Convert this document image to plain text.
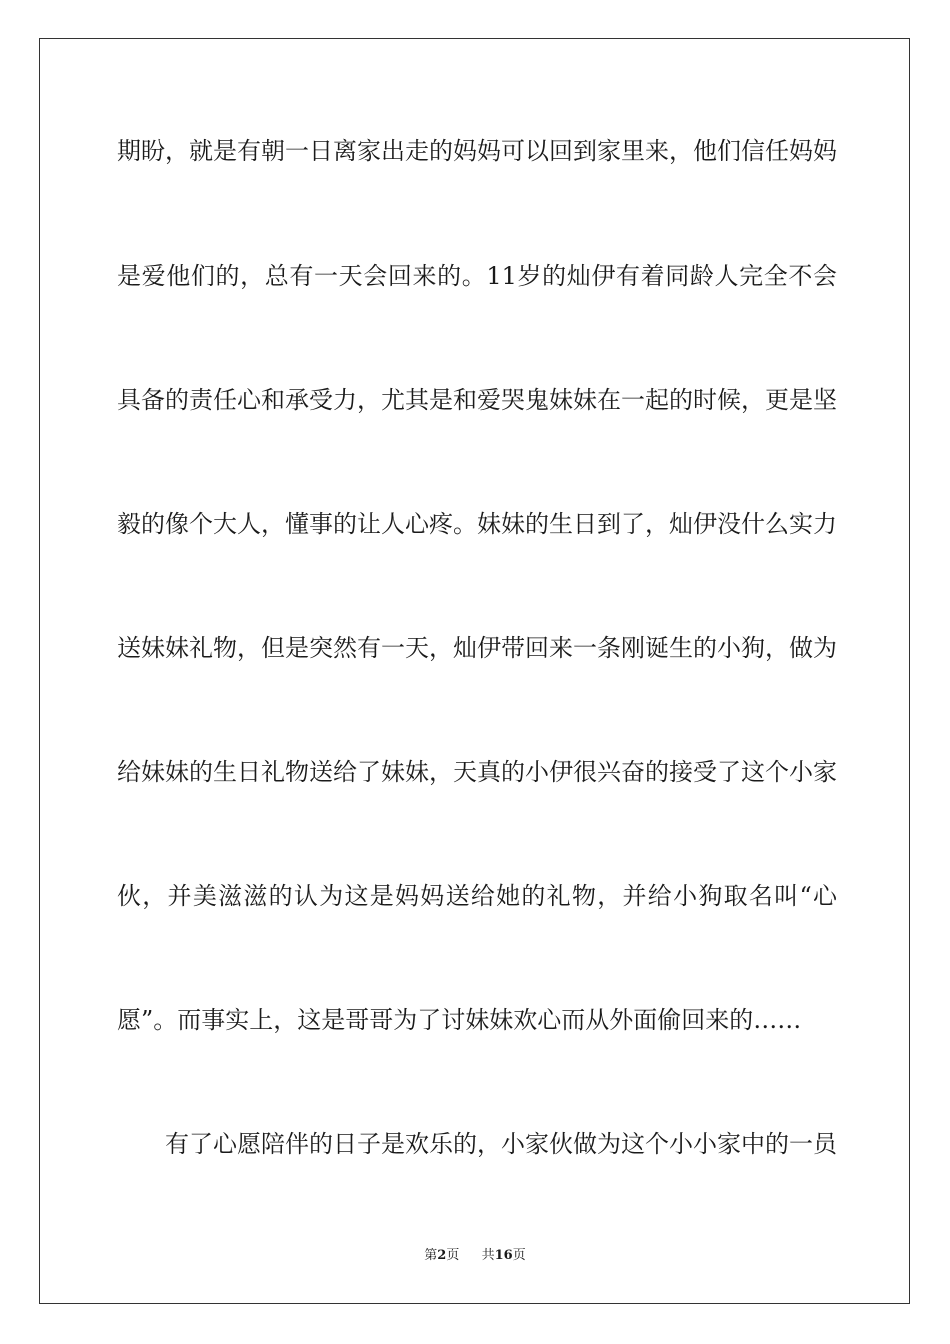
期盼，就是有朝一日离家出走的妈妈可以回到家里来，他们信任妈妈
是爱他们的，总有一天会回来的。11岁的灿伊有着同龄人完全不会
具备的责任心和承受力，尤其是和爱哭鬼妹妹在一起的时候，更是坚
毅的像个大人，懂事的让人心疼。妹妹的生日到了，灿伊没什么实力
送妹妹礼物，但是突然有一天，灿伊带回来一条刚诞生的小狗，做为
给妹妹的生日礼物送给了妹妹，天真的小伊很兴奋的接受了这个小家
伙，并美滋滋的认为这是妈妈送给她的礼物，并给小狗取名叫“心
愿”。而事实上，这是哥哥为了讨妹妹欢心而从外面偷回来的……
有了心愿陪伴的日子是欢乐的，小家伙做为这个小小家中的一员
第2页 共16页
